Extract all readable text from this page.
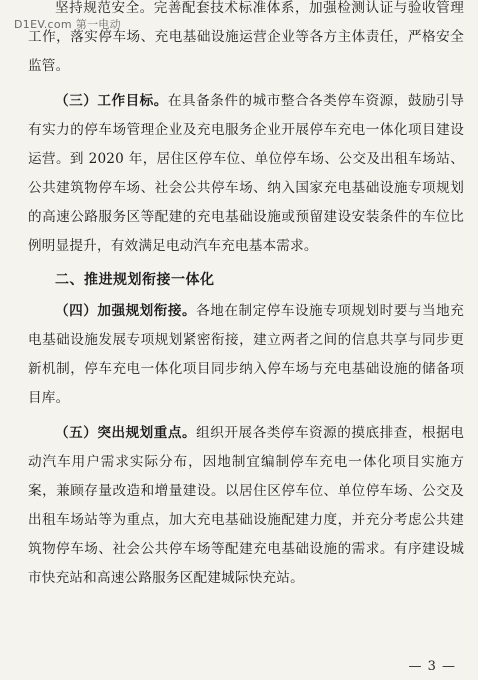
D1EV.com 第一电动

坚持规范安全。完善配套技术标准体系，加强检测认证与验收管理工作，落实停车场、充电基础设施运营企业等各方主体责任，严格安全监管。

（三）工作目标。在具备条件的城市整合各类停车资源，鼓励引导有实力的停车场管理企业及充电服务企业开展停车充电一体化项目建设运营。到 2020 年，居住区停车位、单位停车场、公交及出租车场站、公共建筑物停车场、社会公共停车场、纳入国家充电基础设施专项规划的高速公路服务区等配建的充电基础设施或预留建设安装条件的车位比例明显提升，有效满足电动汽车充电基本需求。

二、推进规划衔接一体化

（四）加强规划衔接。各地在制定停车设施专项规划时要与当地充电基础设施发展专项规划紧密衔接，建立两者之间的信息共享与同步更新机制，停车充电一体化项目同步纳入停车场与充电基础设施的储备项目库。

（五）突出规划重点。组织开展各类停车资源的摸底排查，根据电动汽车用户需求实际分布，因地制宜编制停车充电一体化项目实施方案，兼顾存量改造和增量建设。以居住区停车位、单位停车场、公交及出租车场站等为重点，加大充电基础设施配建力度，并充分考虑公共建筑物停车场、社会公共停车场等配建充电基础设施的需求。有序建设城市快充站和高速公路服务区配建城际快充站。

— 3 —
